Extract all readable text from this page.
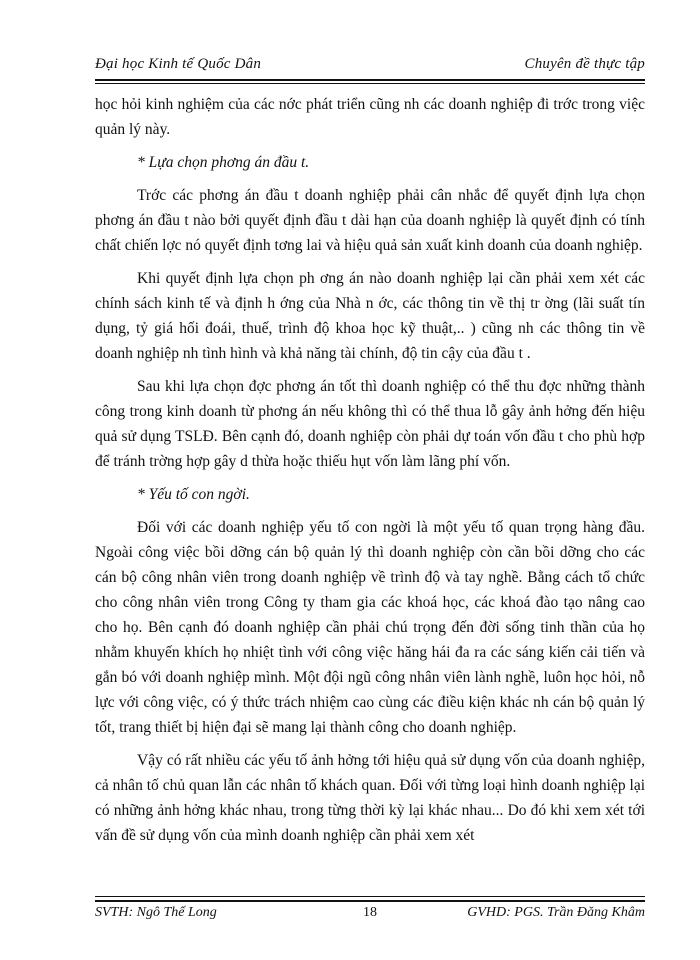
Đại học Kinh tế Quốc Dân	Chuyên đề thực tập

học hỏi kinh nghiệm của các nớc phát triển cũng nh các doanh nghiệp đi trớc trong việc quản lý này.

* Lựa chọn phơng án đầu t.

Trớc các phơng án đầu t doanh nghiệp phải cân nhắc để quyết định lựa chọn phơng án đầu t nào bởi quyết định đầu t dài hạn của doanh nghiệp là quyết định có tính chất chiến lợc nó quyết định tơng lai và hiệu quả sản xuất kinh doanh của doanh nghiệp.

Khi quyết định lựa chọn ph ơng án nào doanh nghiệp lại cần phải xem xét các chính sách kinh tế và định h ớng của Nhà n ớc, các thông tin về thị tr ờng (lãi suất tín dụng, tỷ giá hối đoái, thuế, trình độ khoa học kỹ thuật,.. ) cũng nh các thông tin về doanh nghiệp nh tình hình và khả năng tài chính, độ tin cậy của đầu t .

Sau khi lựa chọn đợc phơng án tốt thì doanh nghiệp có thể thu đợc những thành công trong kinh doanh từ phơng án nếu không thì có thể thua lỗ gây ảnh hởng đến hiệu quả sử dụng TSLĐ. Bên cạnh đó, doanh nghiệp còn phải dự toán vốn đầu t cho phù hợp để tránh trờng hợp gây d thừa hoặc thiếu hụt vốn làm lãng phí vốn.

* Yếu tố con ngời.

Đối với các doanh nghiệp yếu tố con ngời là một yếu tố quan trọng hàng đầu. Ngoài công việc bồi dỡng cán bộ quản lý thì doanh nghiệp còn cần bồi dỡng cho các cán bộ công nhân viên trong doanh nghiệp về trình độ và tay nghề. Bằng cách tổ chức cho công nhân viên trong Công ty tham gia các khoá học, các khoá đào tạo nâng cao cho họ. Bên cạnh đó doanh nghiệp cần phải chú trọng đến đời sống tinh thần của họ nhằm khuyến khích họ nhiệt tình với công việc hăng hái đa ra các sáng kiến cải tiến và gắn bó với doanh nghiệp mình. Một đội ngũ công nhân viên lành nghề, luôn học hỏi, nỗ lực với công việc, có ý thức trách nhiệm cao cùng các điều kiện khác nh cán bộ quản lý tốt, trang thiết bị hiện đại sẽ mang lại thành công cho doanh nghiệp.

Vậy có rất nhiều các yếu tố ảnh hởng tới hiệu quả sử dụng vốn của doanh nghiệp, cả nhân tố chủ quan lẫn các nhân tố khách quan. Đối với từng loại hình doanh nghiệp lại có những ảnh hởng khác nhau, trong từng thời kỳ lại khác nhau... Do đó khi xem xét tới vấn đề sử dụng vốn của mình doanh nghiệp cần phải xem xét

SVTH: Ngô Thế Long	18	GVHD: PGS. Trần Đăng Khâm
